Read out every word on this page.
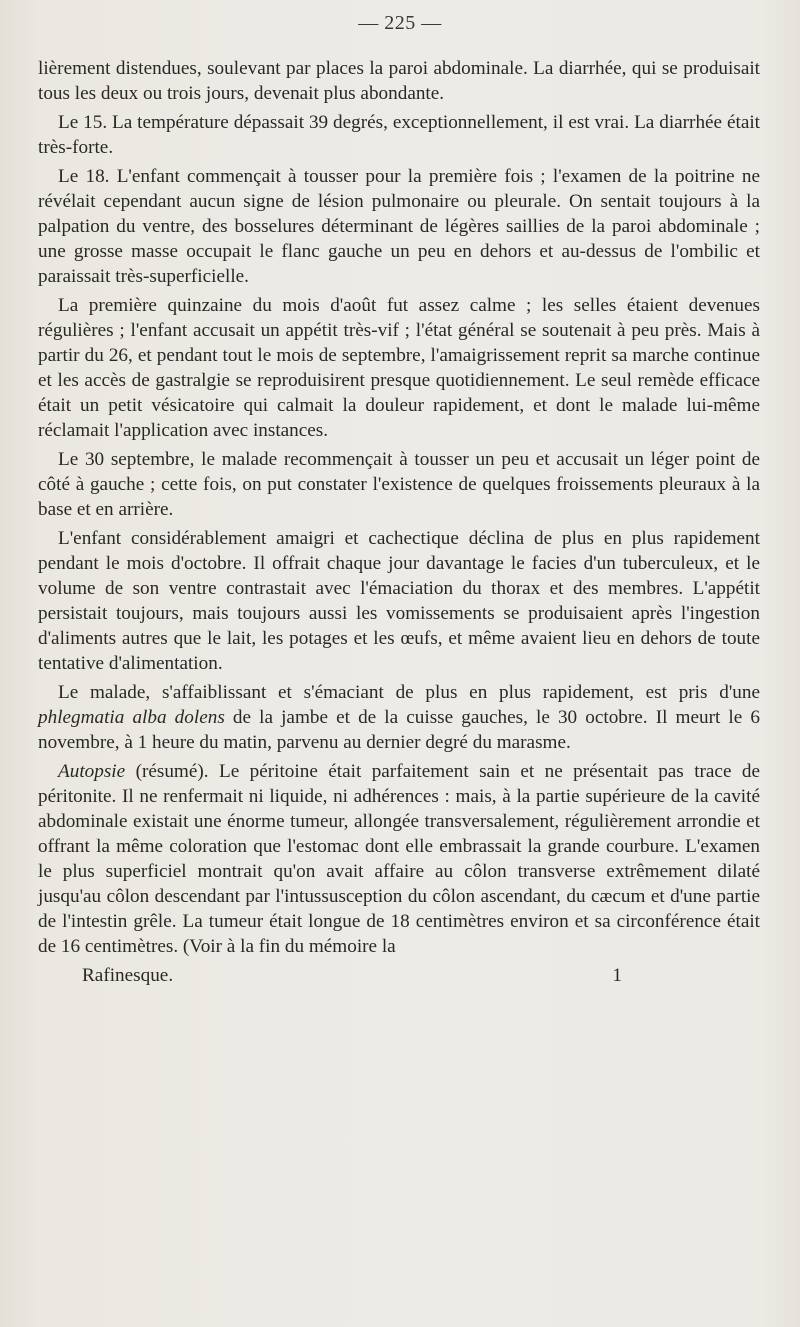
— 225 —

lièrement distendues, soulevant par places la paroi abdominale. La diarrhée, qui se produisait tous les deux ou trois jours, devenait plus abondante.

Le 15. La température dépassait 39 degrés, exceptionnellement, il est vrai. La diarrhée était très-forte.

Le 18. L'enfant commençait à tousser pour la première fois ; l'examen de la poitrine ne révélait cependant aucun signe de lésion pulmonaire ou pleurale. On sentait toujours à la palpation du ventre, des bosselures déterminant de légères saillies de la paroi abdominale ; une grosse masse occupait le flanc gauche un peu en dehors et au-dessus de l'ombilic et paraissait très-superficielle.

La première quinzaine du mois d'août fut assez calme ; les selles étaient devenues régulières ; l'enfant accusait un appétit très-vif ; l'état général se soutenait à peu près. Mais à partir du 26, et pendant tout le mois de septembre, l'amaigrissement reprit sa marche continue et les accès de gastralgie se reproduisirent presque quotidiennement. Le seul remède efficace était un petit vésicatoire qui calmait la douleur rapidement, et dont le malade lui-même réclamait l'application avec instances.

Le 30 septembre, le malade recommençait à tousser un peu et accusait un léger point de côté à gauche ; cette fois, on put constater l'existence de quelques froissements pleuraux à la base et en arrière.

L'enfant considérablement amaigri et cachectique déclina de plus en plus rapidement pendant le mois d'octobre. Il offrait chaque jour davantage le facies d'un tuberculeux, et le volume de son ventre contrastait avec l'émaciation du thorax et des membres. L'appétit persistait toujours, mais toujours aussi les vomissements se produisaient après l'ingestion d'aliments autres que le lait, les potages et les œufs, et même avaient lieu en dehors de toute tentative d'alimentation.

Le malade, s'affaiblissant et s'émaciant de plus en plus rapidement, est pris d'une phlegmatia alba dolens de la jambe et de la cuisse gauches, le 30 octobre. Il meurt le 6 novembre, à 1 heure du matin, parvenu au dernier degré du marasme.

Autopsie (résumé). Le péritoine était parfaitement sain et ne présentait pas trace de péritonite. Il ne renfermait ni liquide, ni adhérences : mais, à la partie supérieure de la cavité abdominale existait une énorme tumeur, allongée transversalement, régulièrement arrondie et offrant la même coloration que l'estomac dont elle embrassait la grande courbure. L'examen le plus superficiel montrait qu'on avait affaire au côlon transverse extrêmement dilaté jusqu'au côlon descendant par l'intussusception du côlon ascendant, du cæcum et d'une partie de l'intestin grêle. La tumeur était longue de 18 centimètres environ et sa circonférence était de 16 centimètres. (Voir à la fin du mémoire la

Rafinesque.	1
